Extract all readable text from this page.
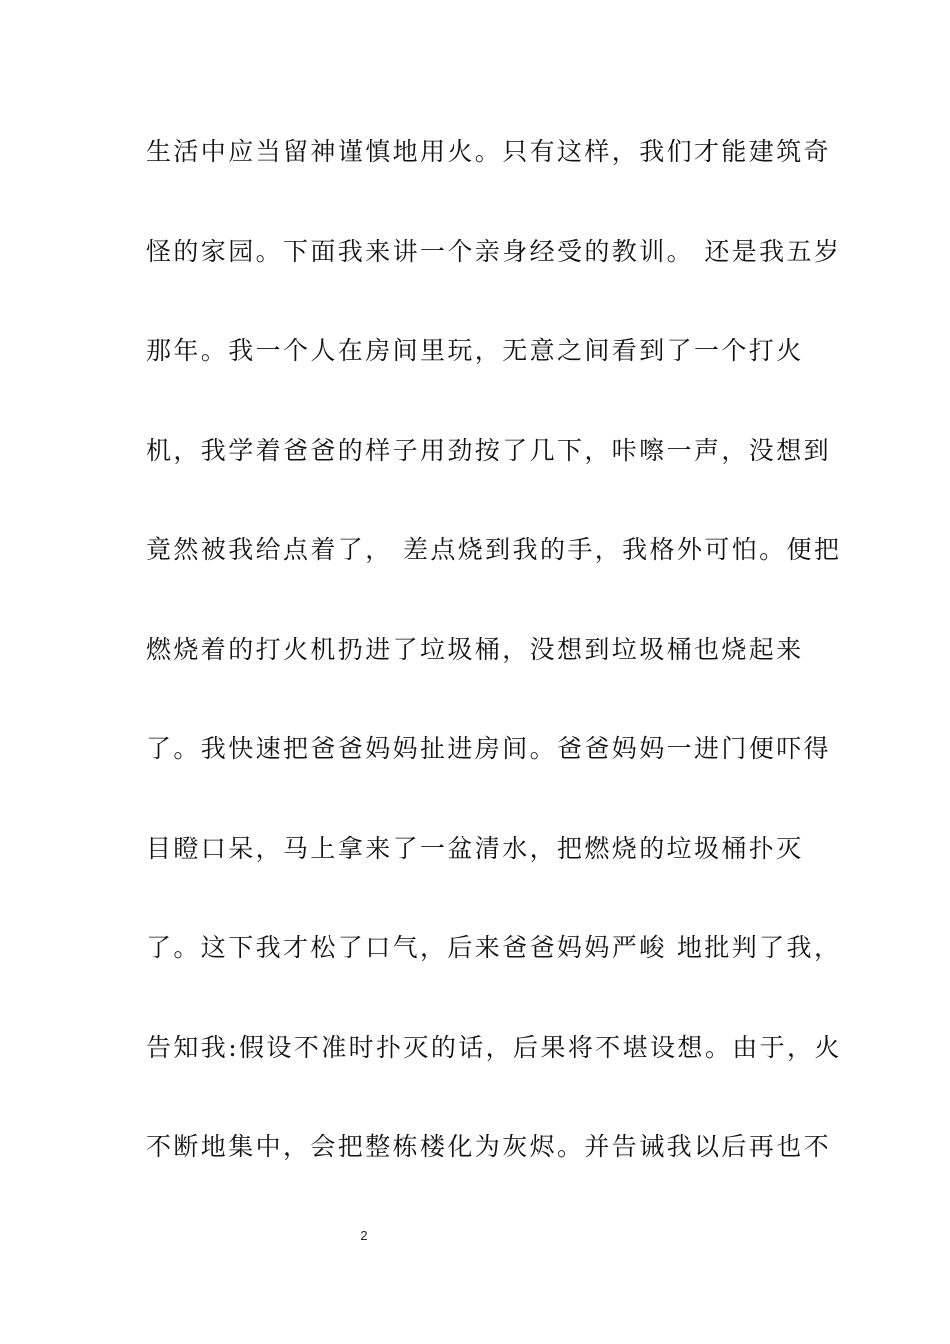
生活中应当留神谨慎地用火。只有这样，我们才能建筑奇
怪的家园。下面我来讲一个亲身经受的教训。 还是我五岁
那年。我一个人在房间里玩，无意之间看到了一个打火
机，我学着爸爸的样子用劲按了几下，咔嚓一声，没想到
竟然被我给点着了， 差点烧到我的手，我格外可怕。便把
燃烧着的打火机扔进了垃圾桶，没想到垃圾桶也烧起来
了。我快速把爸爸妈妈扯进房间。爸爸妈妈一进门便吓得
目瞪口呆，马上拿来了一盆清水，把燃烧的垃圾桶扑灭
了。这下我才松了口气，后来爸爸妈妈严峻 地批判了我，
告知我:假设不准时扑灭的话，后果将不堪设想。由于，火
不断地集中，会把整栋楼化为灰烬。并告诫我以后再也不
2
